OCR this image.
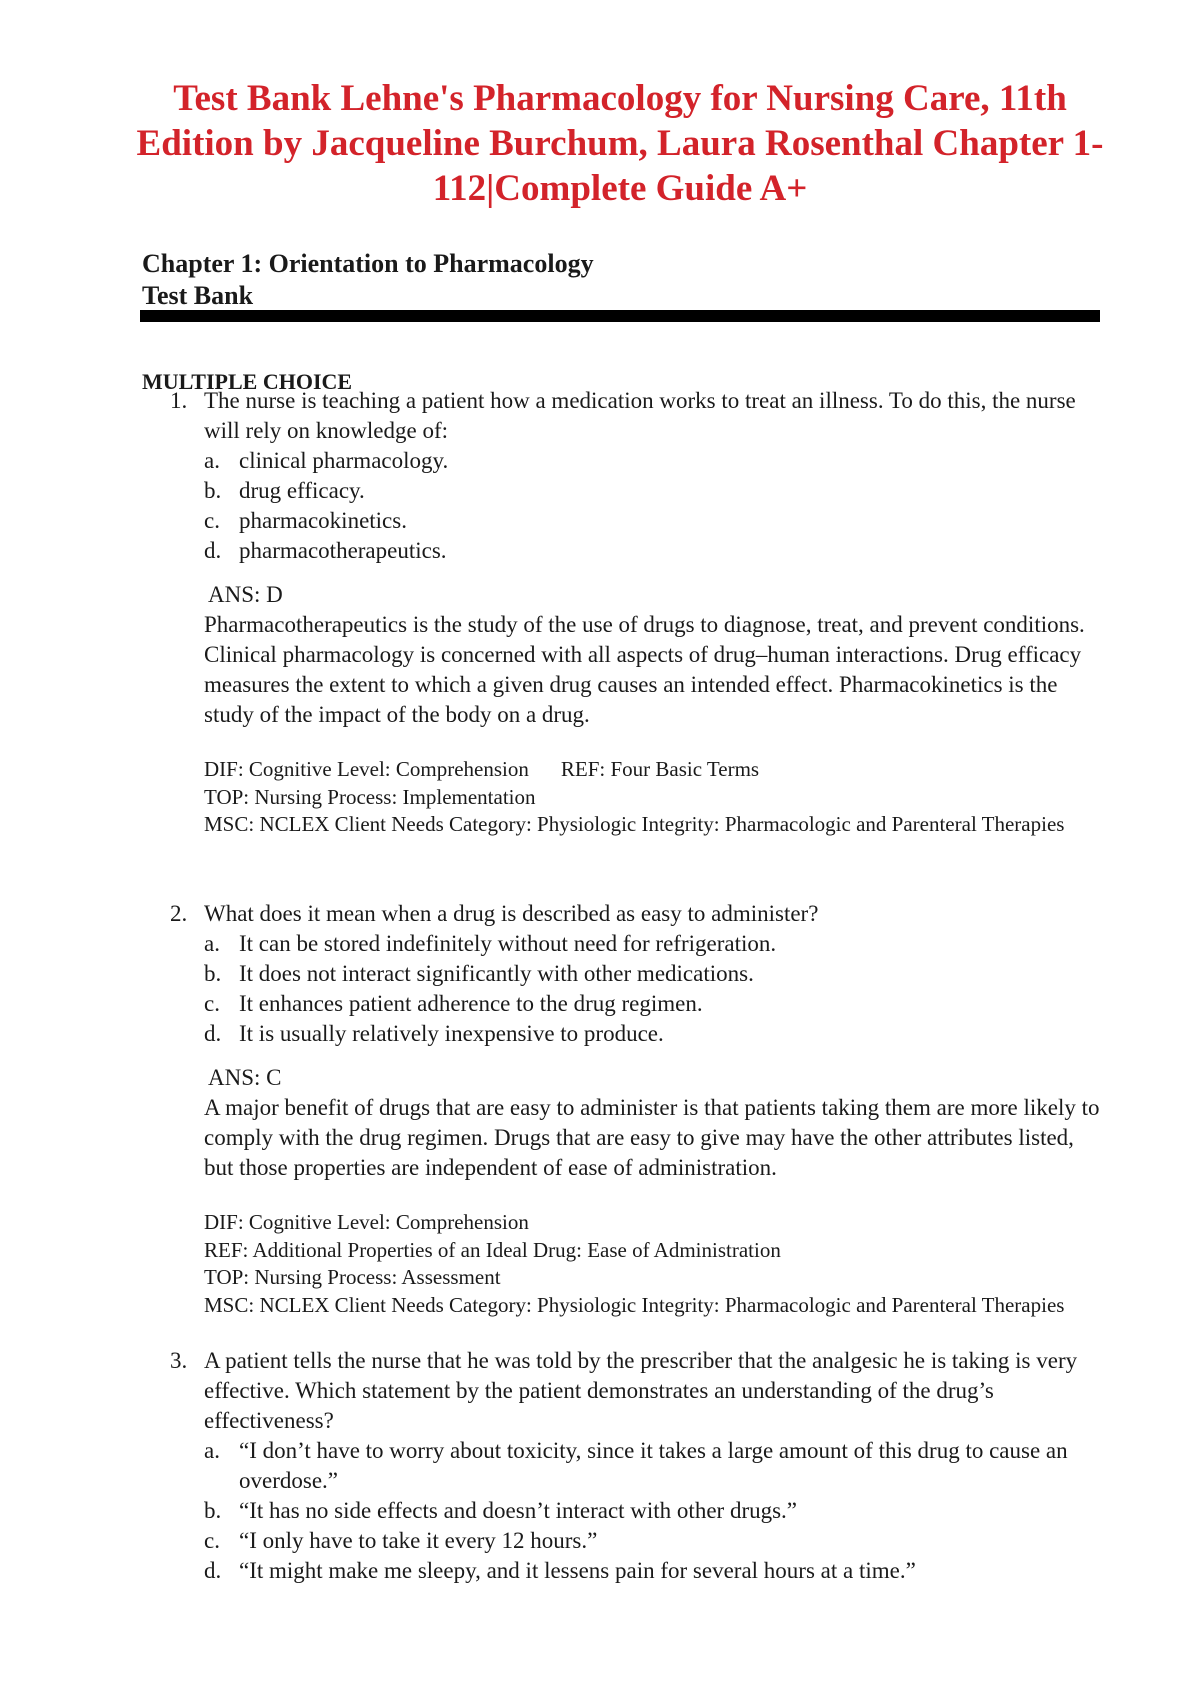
Test Bank Lehne's Pharmacology for Nursing Care, 11th Edition by Jacqueline Burchum, Laura Rosenthal Chapter 1-112|Complete Guide A+
Chapter 1: Orientation to Pharmacology
Test Bank
MULTIPLE CHOICE
1. The nurse is teaching a patient how a medication works to treat an illness. To do this, the nurse will rely on knowledge of:
a. clinical pharmacology.
b. drug efficacy.
c. pharmacokinetics.
d. pharmacotherapeutics.
ANS: D
Pharmacotherapeutics is the study of the use of drugs to diagnose, treat, and prevent conditions. Clinical pharmacology is concerned with all aspects of drug–human interactions. Drug efficacy measures the extent to which a given drug causes an intended effect. Pharmacokinetics is the study of the impact of the body on a drug.
DIF: Cognitive Level: Comprehension REF: Four Basic Terms
TOP: Nursing Process: Implementation
MSC: NCLEX Client Needs Category: Physiologic Integrity: Pharmacologic and Parenteral Therapies
2. What does it mean when a drug is described as easy to administer?
a. It can be stored indefinitely without need for refrigeration.
b. It does not interact significantly with other medications.
c. It enhances patient adherence to the drug regimen.
d. It is usually relatively inexpensive to produce.
ANS: C
A major benefit of drugs that are easy to administer is that patients taking them are more likely to comply with the drug regimen. Drugs that are easy to give may have the other attributes listed, but those properties are independent of ease of administration.
DIF: Cognitive Level: Comprehension
REF: Additional Properties of an Ideal Drug: Ease of Administration
TOP: Nursing Process: Assessment
MSC: NCLEX Client Needs Category: Physiologic Integrity: Pharmacologic and Parenteral Therapies
3. A patient tells the nurse that he was told by the prescriber that the analgesic he is taking is very effective. Which statement by the patient demonstrates an understanding of the drug’s effectiveness?
a. “I don’t have to worry about toxicity, since it takes a large amount of this drug to cause an overdose.”
b. “It has no side effects and doesn’t interact with other drugs.”
c. “I only have to take it every 12 hours.”
d. “It might make me sleepy, and it lessens pain for several hours at a time.”
